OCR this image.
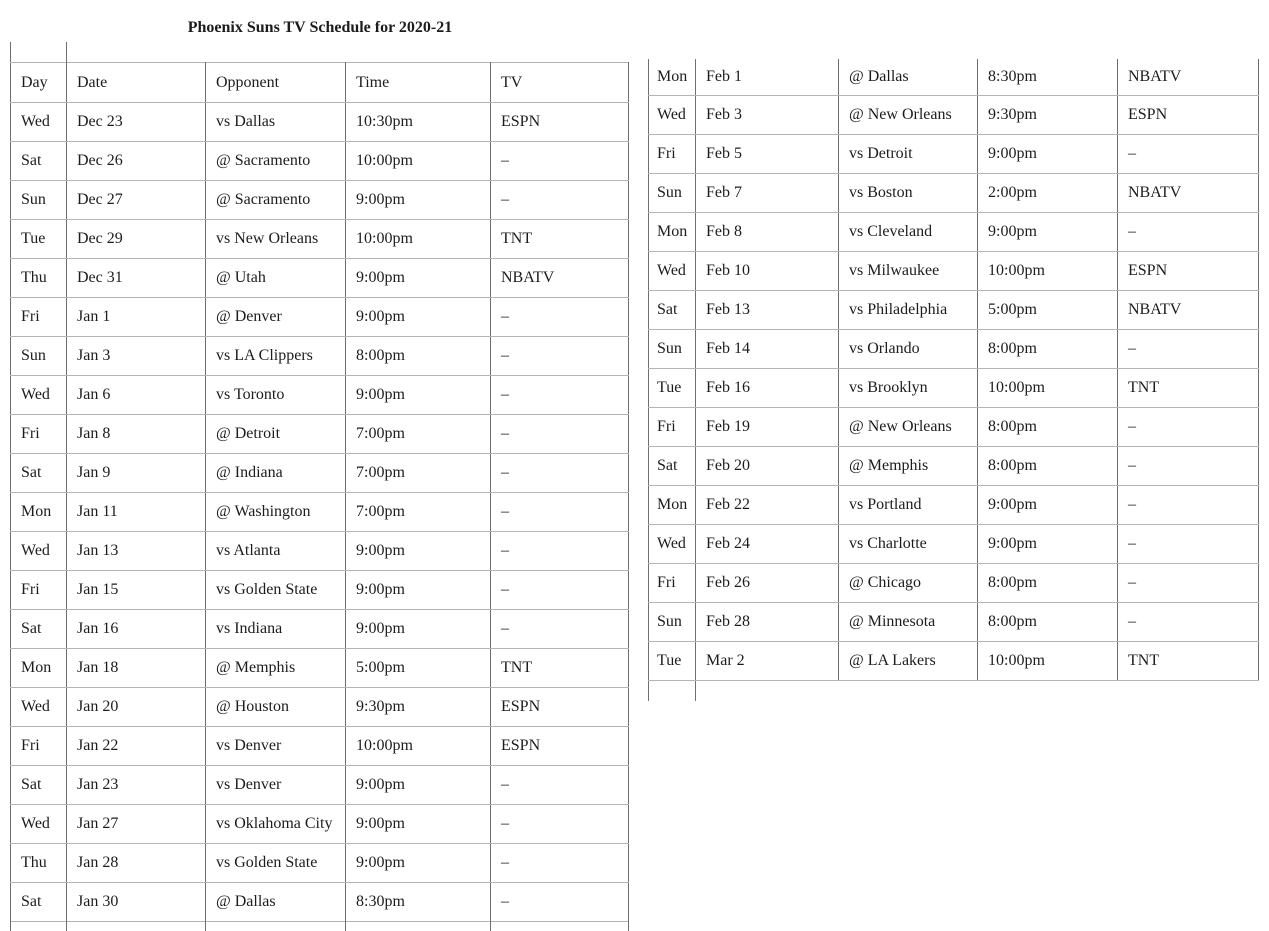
Phoenix Suns TV Schedule for 2020-21
Day	Date	Opponent	Time	TV
Wed	Dec 23	vs Dallas	10:30pm	ESPN
Sat	Dec 26	@ Sacramento	10:00pm	–
Sun	Dec 27	@ Sacramento	9:00pm	–
Tue	Dec 29	vs New Orleans	10:00pm	TNT
Thu	Dec 31	@ Utah	9:00pm	NBATV
Fri	Jan 1	@ Denver	9:00pm	–
Sun	Jan 3	vs LA Clippers	8:00pm	–
Wed	Jan 6	vs Toronto	9:00pm	–
Fri	Jan 8	@ Detroit	7:00pm	–
Sat	Jan 9	@ Indiana	7:00pm	–
Mon	Jan 11	@ Washington	7:00pm	–
Wed	Jan 13	vs Atlanta	9:00pm	–
Fri	Jan 15	vs Golden State	9:00pm	–
Sat	Jan 16	vs Indiana	9:00pm	–
Mon	Jan 18	@ Memphis	5:00pm	TNT
Wed	Jan 20	@ Houston	9:30pm	ESPN
Fri	Jan 22	vs Denver	10:00pm	ESPN
Sat	Jan 23	vs Denver	9:00pm	–
Wed	Jan 27	vs Oklahoma City	9:00pm	–
Thu	Jan 28	vs Golden State	9:00pm	–
Sat	Jan 30	@ Dallas	8:30pm	–
Mon	Feb 1	@ Dallas	8:30pm	NBATV
Wed	Feb 3	@ New Orleans	9:30pm	ESPN
Fri	Feb 5	vs Detroit	9:00pm	–
Sun	Feb 7	vs Boston	2:00pm	NBATV
Mon	Feb 8	vs Cleveland	9:00pm	–
Wed	Feb 10	vs Milwaukee	10:00pm	ESPN
Sat	Feb 13	vs Philadelphia	5:00pm	NBATV
Sun	Feb 14	vs Orlando	8:00pm	–
Tue	Feb 16	vs Brooklyn	10:00pm	TNT
Fri	Feb 19	@ New Orleans	8:00pm	–
Sat	Feb 20	@ Memphis	8:00pm	–
Mon	Feb 22	vs Portland	9:00pm	–
Wed	Feb 24	vs Charlotte	9:00pm	–
Fri	Feb 26	@ Chicago	8:00pm	–
Sun	Feb 28	@ Minnesota	8:00pm	–
Tue	Mar 2	@ LA Lakers	10:00pm	TNT
